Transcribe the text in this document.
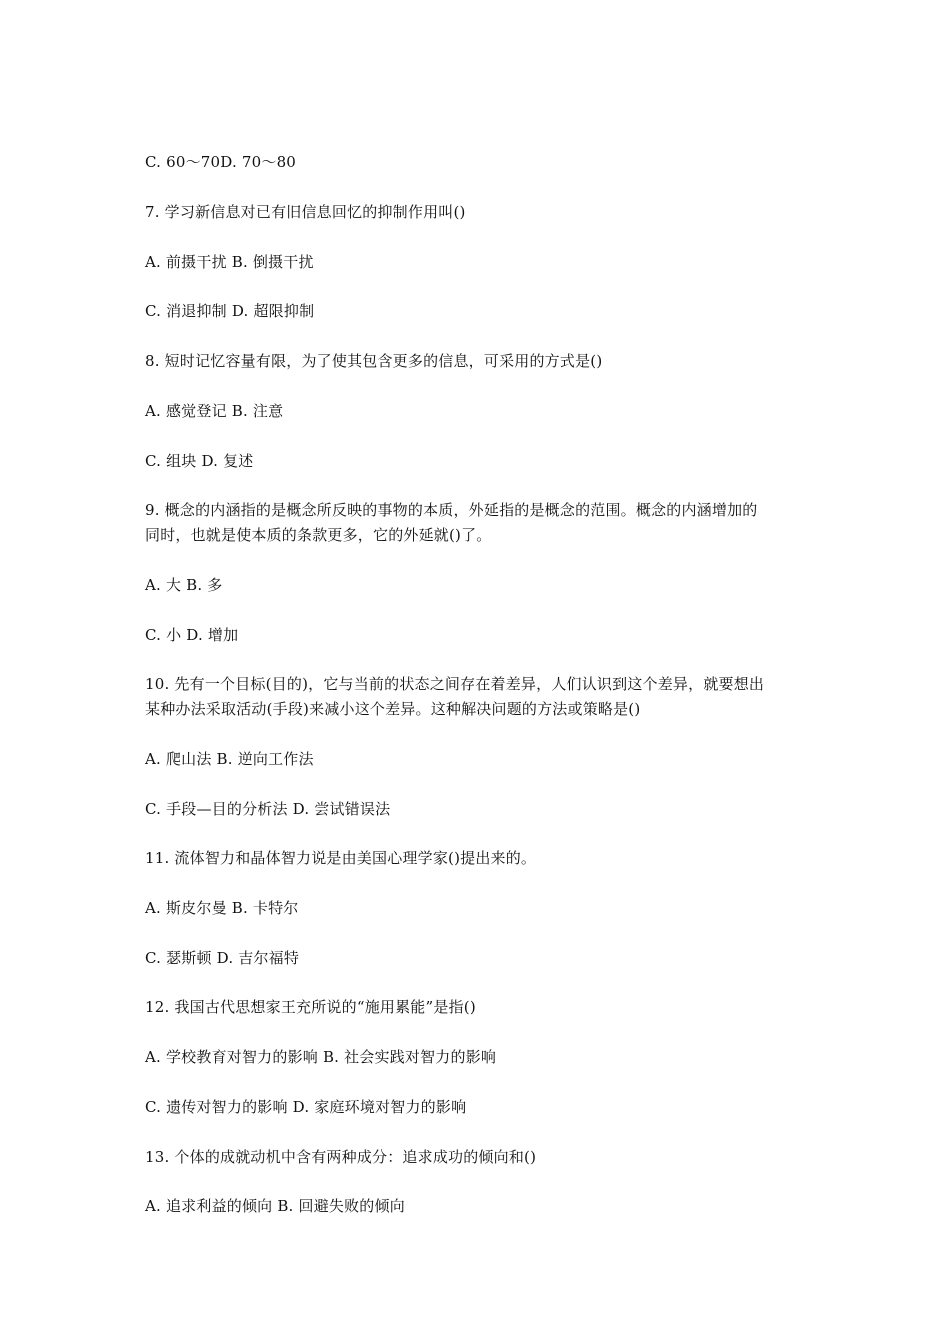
C. 60～70D. 70～80
7. 学习新信息对已有旧信息回忆的抑制作用叫()
A. 前摄干扰 B. 倒摄干扰
C. 消退抑制 D. 超限抑制
8. 短时记忆容量有限，为了使其包含更多的信息，可采用的方式是()
A. 感觉登记 B. 注意
C. 组块 D. 复述
9. 概念的内涵指的是概念所反映的事物的本质，外延指的是概念的范围。概念的内涵增加的
同时，也就是使本质的条款更多，它的外延就()了。
A. 大 B. 多
C. 小 D. 增加
10. 先有一个目标(目的)，它与当前的状态之间存在着差异，人们认识到这个差异，就要想出
某种办法采取活动(手段)来减小这个差异。这种解决问题的方法或策略是()
A. 爬山法 B. 逆向工作法
C. 手段—目的分析法 D. 尝试错误法
11. 流体智力和晶体智力说是由美国心理学家()提出来的。
A. 斯皮尔曼 B. 卡特尔
C. 瑟斯顿 D. 吉尔福特
12. 我国古代思想家王充所说的“施用累能”是指()
A. 学校教育对智力的影响 B. 社会实践对智力的影响
C. 遗传对智力的影响 D. 家庭环境对智力的影响
13. 个体的成就动机中含有两种成分：追求成功的倾向和()
A. 追求利益的倾向 B. 回避失败的倾向
